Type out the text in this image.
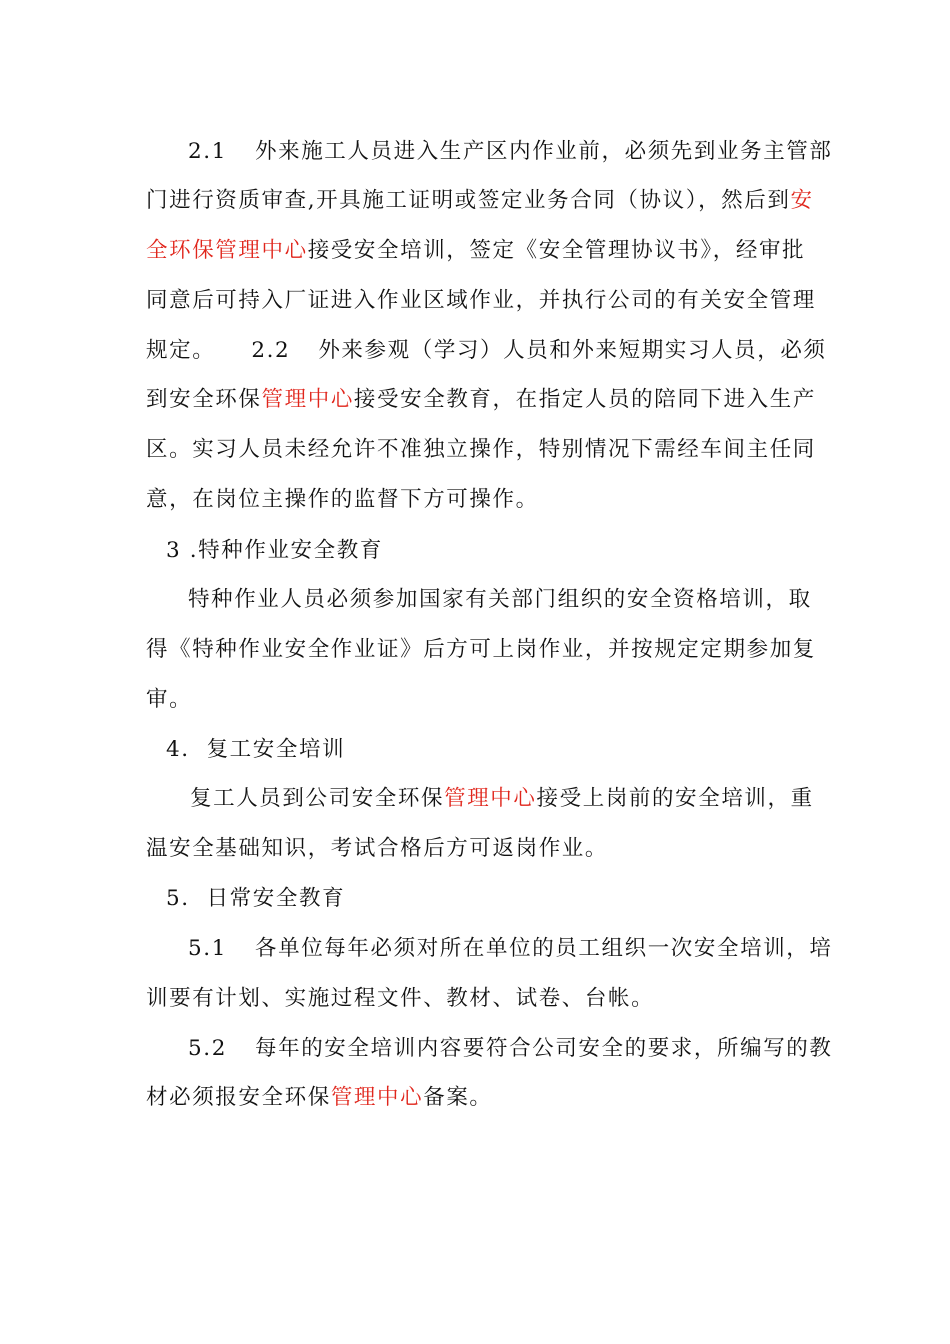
2.1 外来施工人员进入生产区内作业前，必须先到业务主管部
门进行资质审查,开具施工证明或签定业务合同（协议），然后到安
全环保管理中心接受安全培训，签定《安全管理协议书》，经审批
同意后可持入厂证进入作业区域作业，并执行公司的有关安全管理
规定。 2.2 外来参观（学习）人员和外来短期实习人员，必须
到安全环保管理中心接受安全教育，在指定人员的陪同下进入生产
区。实习人员未经允许不准独立操作，特别情况下需经车间主任同
意，在岗位主操作的监督下方可操作。
3 .特种作业安全教育
特种作业人员必须参加国家有关部门组织的安全资格培训，取
得《特种作业安全作业证》后方可上岗作业，并按规定定期参加复
审。
4.  复工安全培训
复工人员到公司安全环保管理中心接受上岗前的安全培训，重
温安全基础知识，考试合格后方可返岗作业。
5.  日常安全教育
5.1 各单位每年必须对所在单位的员工组织一次安全培训，培
训要有计划、实施过程文件、教材、试卷、台帐。
5.2 每年的安全培训内容要符合公司安全的要求，所编写的教
材必须报安全环保管理中心备案。
